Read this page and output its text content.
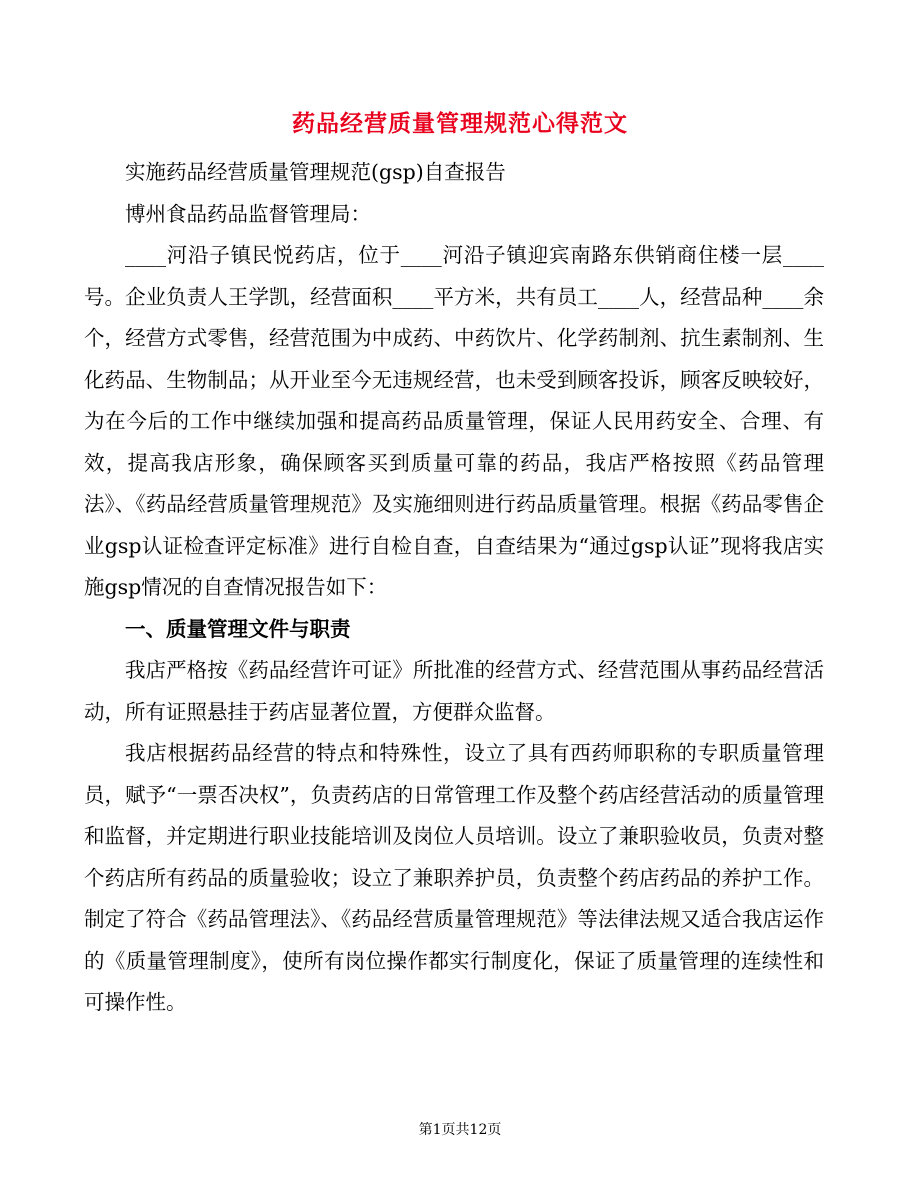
药品经营质量管理规范心得范文

实施药品经营质量管理规范(gsp)自查报告

博州食品药品监督管理局：

____河沿子镇民悦药店，位于____河沿子镇迎宾南路东供销商住楼一层____号。企业负责人王学凯，经营面积____平方米，共有员工____人，经营品种____余个，经营方式零售，经营范围为中成药、中药饮片、化学药制剂、抗生素制剂、生化药品、生物制品；从开业至今无违规经营，也未受到顾客投诉，顾客反映较好，为在今后的工作中继续加强和提高药品质量管理，保证人民用药安全、合理、有效，提高我店形象，确保顾客买到质量可靠的药品，我店严格按照《药品管理法》、《药品经营质量管理规范》及实施细则进行药品质量管理。根据《药品零售企业gsp认证检查评定标准》进行自检自查，自查结果为“通过gsp认证”现将我店实施gsp情况的自查情况报告如下：

一、质量管理文件与职责

我店严格按《药品经营许可证》所批准的经营方式、经营范围从事药品经营活动，所有证照悬挂于药店显著位置，方便群众监督。

我店根据药品经营的特点和特殊性，设立了具有西药师职称的专职质量管理员，赋予“一票否决权”，负责药店的日常管理工作及整个药店经营活动的质量管理和监督，并定期进行职业技能培训及岗位人员培训。设立了兼职验收员，负责对整个药店所有药品的质量验收；设立了兼职养护员，负责整个药店药品的养护工作。制定了符合《药品管理法》、《药品经营质量管理规范》等法律法规又适合我店运作的《质量管理制度》，使所有岗位操作都实行制度化，保证了质量管理的连续性和可操作性。

第1页共12页
